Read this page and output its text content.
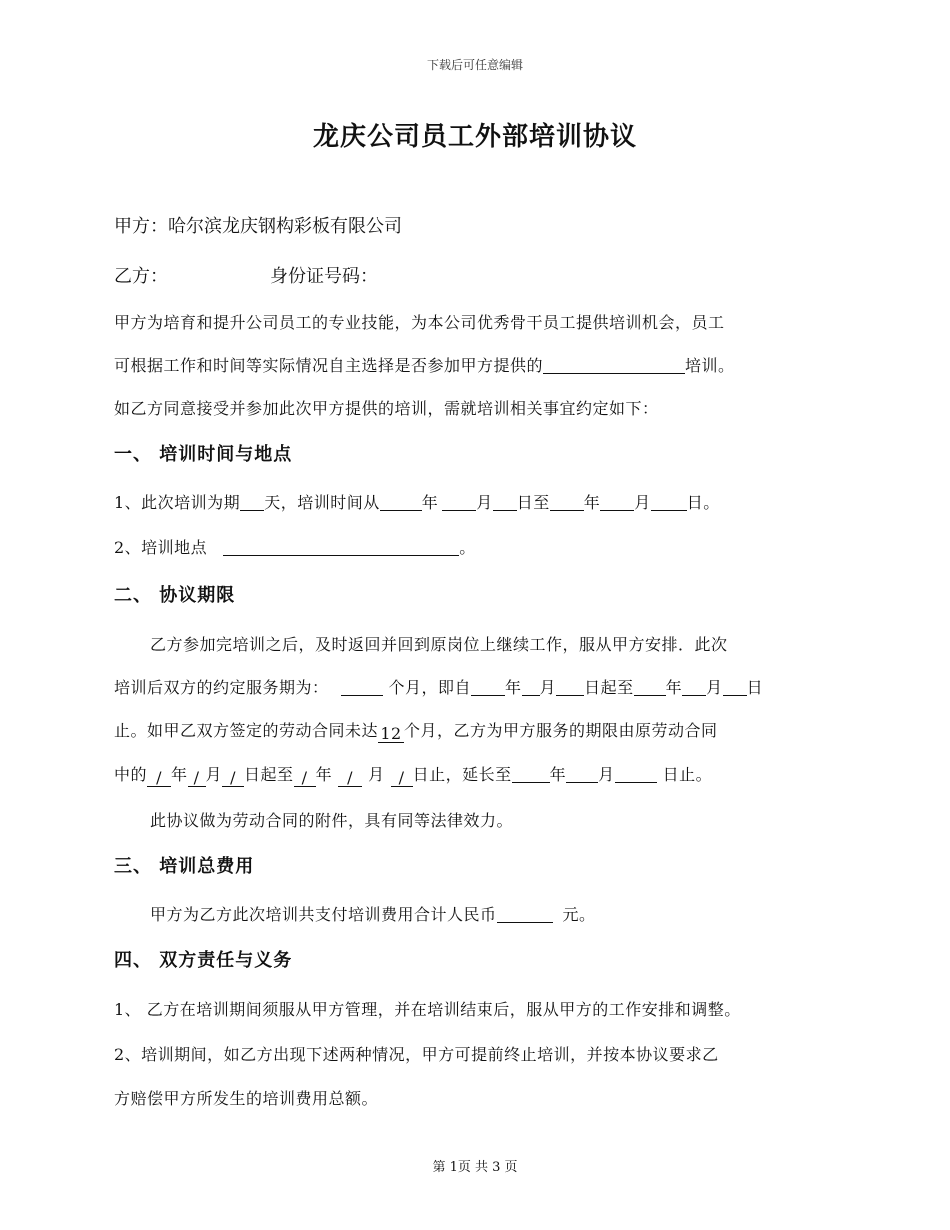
下载后可任意编辑
龙庆公司员工外部培训协议
甲方：哈尔滨龙庆钢构彩板有限公司
乙方：	身份证号码：
甲方为培育和提升公司员工的专业技能，为本公司优秀骨干员工提供培训机会，员工
可根据工作和时间等实际情况自主选择是否参加甲方提供的	培训。
如乙方同意接受并参加此次甲方提供的培训，需就培训相关事宜约定如下：
一、 培训时间与地点
1、此次培训为期 天，培训时间从	年 月 日至 年 月 日。
2、培训地点	。
二、 协议期限
乙方参加完培训之后，及时返回并回到原岗位上继续工作，服从甲方安排．此次
培训后双方的约定服务期为：	个月，即自 年 月 日起至 年 月 日
止。如甲乙双方签定的劳动合同未达 12 个月，乙方为甲方服务的期限由原劳动合同
中的 / 年 / 月 / 日起至 / 年 / 月 / 日止，延长至 年 月	日止。
此协议做为劳动合同的附件，具有同等法律效力。
三、 培训总费用
甲方为乙方此次培训共支付培训费用合计人民币	元。
四、 双方责任与义务
1、 乙方在培训期间须服从甲方管理，并在培训结束后，服从甲方的工作安排和调整。
2、培训期间，如乙方出现下述两种情况，甲方可提前终止培训，并按本协议要求乙
方赔偿甲方所发生的培训费用总额。
第 1页 共 3 页
